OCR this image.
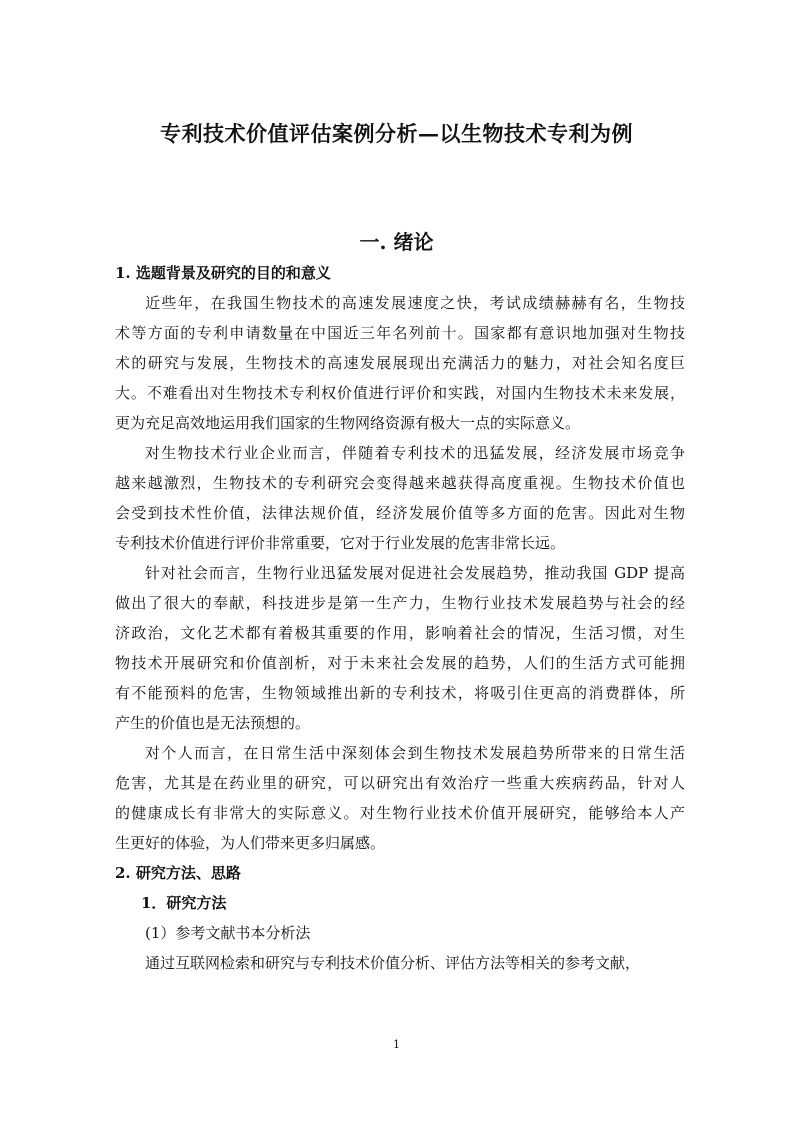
专利技术价值评估案例分析—以生物技术专利为例
一. 绪论
1. 选题背景及研究的目的和意义
近些年，在我国生物技术的高速发展速度之快，考试成绩赫赫有名，生物技
术等方面的专利申请数量在中国近三年名列前十。国家都有意识地加强对生物技
术的研究与发展，生物技术的高速发展展现出充满活力的魅力，对社会知名度巨
大。不难看出对生物技术专利权价值进行评价和实践，对国内生物技术未来发展，
更为充足高效地运用我们国家的生物网络资源有极大一点的实际意义。
对生物技术行业企业而言，伴随着专利技术的迅猛发展，经济发展市场竞争
越来越激烈，生物技术的专利研究会变得越来越获得高度重视。生物技术价值也
会受到技术性价值，法律法规价值，经济发展价值等多方面的危害。因此对生物
专利技术价值进行评价非常重要，它对于行业发展的危害非常长远。
针对社会而言，生物行业迅猛发展对促进社会发展趋势，推动我国 GDP 提高
做出了很大的奉献，科技进步是第一生产力，生物行业技术发展趋势与社会的经
济政治，文化艺术都有着极其重要的作用，影响着社会的情况，生活习惯，对生
物技术开展研究和价值剖析，对于未来社会发展的趋势，人们的生活方式可能拥
有不能预料的危害，生物领域推出新的专利技术，将吸引住更高的消费群体，所
产生的价值也是无法预想的。
对个人而言，在日常生活中深刻体会到生物技术发展趋势所带来的日常生活
危害，尤其是在药业里的研究，可以研究出有效治疗一些重大疾病药品，针对人
的健康成长有非常大的实际意义。对生物行业技术价值开展研究，能够给本人产
生更好的体验，为人们带来更多归属感。
2. 研究方法、思路
1．研究方法
(1）参考文献书本分析法
通过互联网检索和研究与专利技术价值分析、评估方法等相关的参考文献，
1
